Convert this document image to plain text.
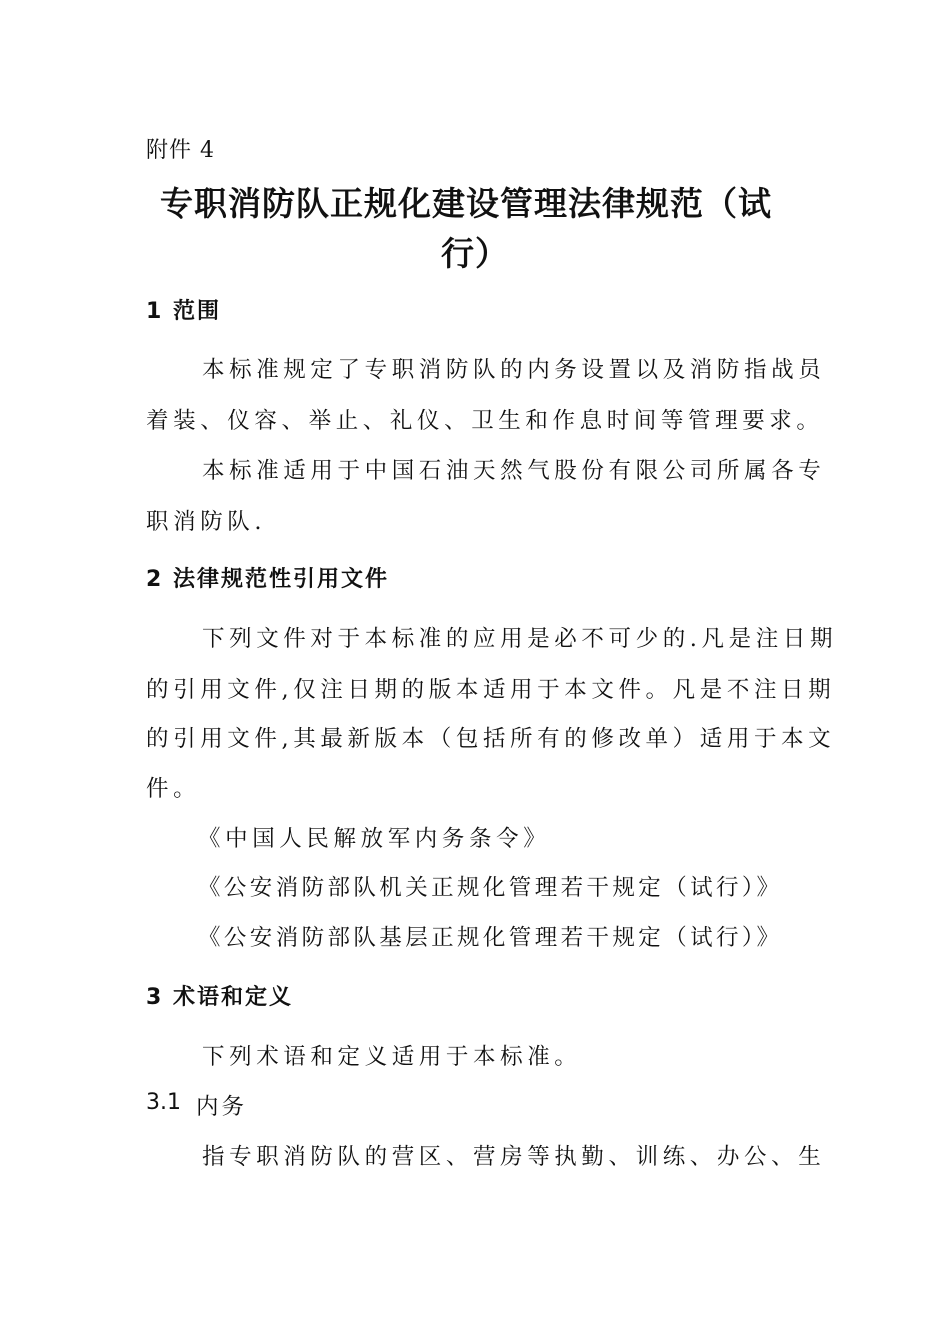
附件 4

专职消防队正规化建设管理法律规范（试
行）
1 范围

本标准规定了专职消防队的内务设置以及消防指战员

着装、仪容、举止、礼仪、卫生和作息时间等管理要求。

本标准适用于中国石油天然气股份有限公司所属各专

职消防队.

2 法律规范性引用文件

下列文件对于本标准的应用是必不可少的.凡是注日期

的引用文件,仅注日期的版本适用于本文件。凡是不注日期

的引用文件,其最新版本（包括所有的修改单）适用于本文

件。

《中国人民解放军内务条令》

《公安消防部队机关正规化管理若干规定（试行）》

《公安消防部队基层正规化管理若干规定（试行）》

3 术语和定义

下列术语和定义适用于本标准。

3.1 内务

指专职消防队的营区、营房等执勤、训练、办公、生
